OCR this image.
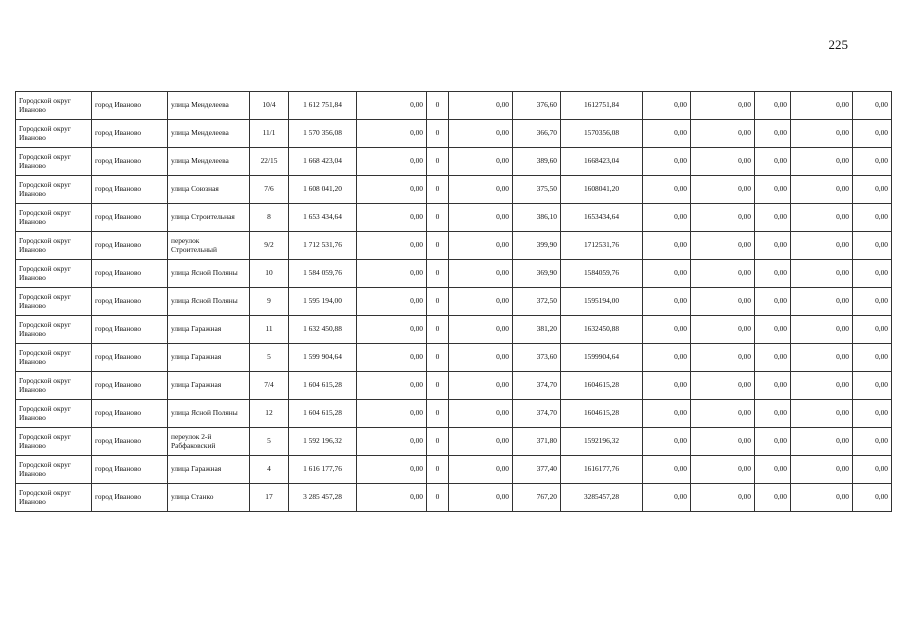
225
Городской округ Иваново	город Иваново	улица Менделеева	10/4	1 612 751,84	0,00	0	0,00	376,60	1612751,84	0,00	0,00	0,00	0,00	0,00
Городской округ Иваново	город Иваново	улица Менделеева	11/1	1 570 356,08	0,00	0	0,00	366,70	1570356,08	0,00	0,00	0,00	0,00	0,00
Городской округ Иваново	город Иваново	улица Менделеева	22/15	1 668 423,04	0,00	0	0,00	389,60	1668423,04	0,00	0,00	0,00	0,00	0,00
Городской округ Иваново	город Иваново	улица Союзная	7/6	1 608 041,20	0,00	0	0,00	375,50	1608041,20	0,00	0,00	0,00	0,00	0,00
Городской округ Иваново	город Иваново	улица Строительная	8	1 653 434,64	0,00	0	0,00	386,10	1653434,64	0,00	0,00	0,00	0,00	0,00
Городской округ Иваново	город Иваново	переулок Строительный	9/2	1 712 531,76	0,00	0	0,00	399,90	1712531,76	0,00	0,00	0,00	0,00	0,00
Городской округ Иваново	город Иваново	улица Ясной Поляны	10	1 584 059,76	0,00	0	0,00	369,90	1584059,76	0,00	0,00	0,00	0,00	0,00
Городской округ Иваново	город Иваново	улица Ясной Поляны	9	1 595 194,00	0,00	0	0,00	372,50	1595194,00	0,00	0,00	0,00	0,00	0,00
Городской округ Иваново	город Иваново	улица Гаражная	11	1 632 450,88	0,00	0	0,00	381,20	1632450,88	0,00	0,00	0,00	0,00	0,00
Городской округ Иваново	город Иваново	улица Гаражная	5	1 599 904,64	0,00	0	0,00	373,60	1599904,64	0,00	0,00	0,00	0,00	0,00
Городской округ Иваново	город Иваново	улица Гаражная	7/4	1 604 615,28	0,00	0	0,00	374,70	1604615,28	0,00	0,00	0,00	0,00	0,00
Городской округ Иваново	город Иваново	улица Ясной Поляны	12	1 604 615,28	0,00	0	0,00	374,70	1604615,28	0,00	0,00	0,00	0,00	0,00
Городской округ Иваново	город Иваново	переулок 2-й Рабфаковский	5	1 592 196,32	0,00	0	0,00	371,80	1592196,32	0,00	0,00	0,00	0,00	0,00
Городской округ Иваново	город Иваново	улица Гаражная	4	1 616 177,76	0,00	0	0,00	377,40	1616177,76	0,00	0,00	0,00	0,00	0,00
Городской округ Иваново	город Иваново	улица Станко	17	3 285 457,28	0,00	0	0,00	767,20	3285457,28	0,00	0,00	0,00	0,00	0,00
